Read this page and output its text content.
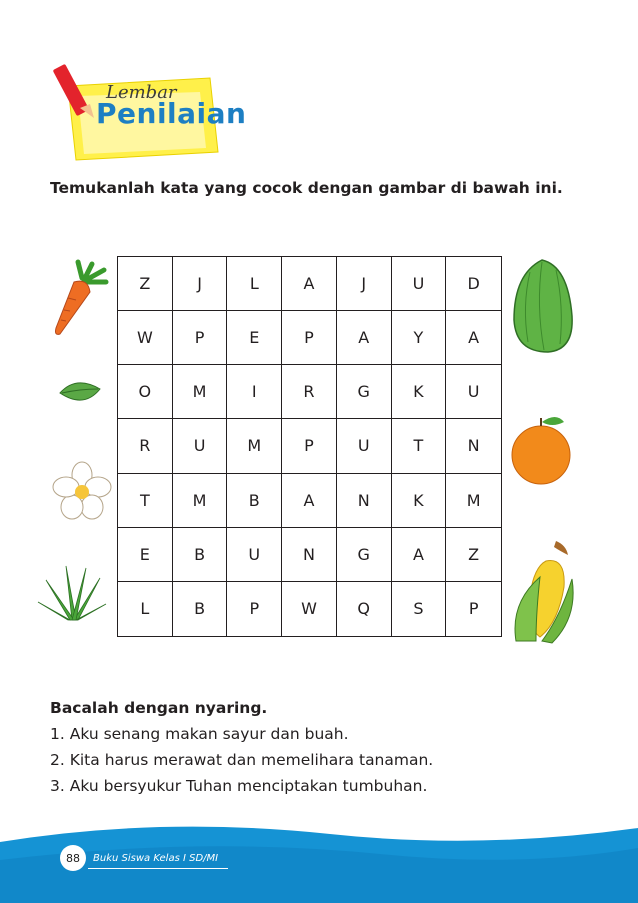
Lembar
Penilaian
Temukanlah kata yang cocok dengan gambar di bawah ini.
Z	J	L	A	J	U	D
W	P	E	P	A	Y	A
O	M	I	R	G	K	U
R	U	M	P	U	T	N
T	M	B	A	N	K	M
E	B	U	N	G	A	Z
L	B	P	W	Q	S	P
Bacalah dengan nyaring.
1. Aku senang makan sayur dan buah.
2. Kita harus merawat dan memelihara tanaman.
3. Aku bersyukur Tuhan menciptakan tumbuhan.
88	Buku Siswa Kelas I SD/MI
